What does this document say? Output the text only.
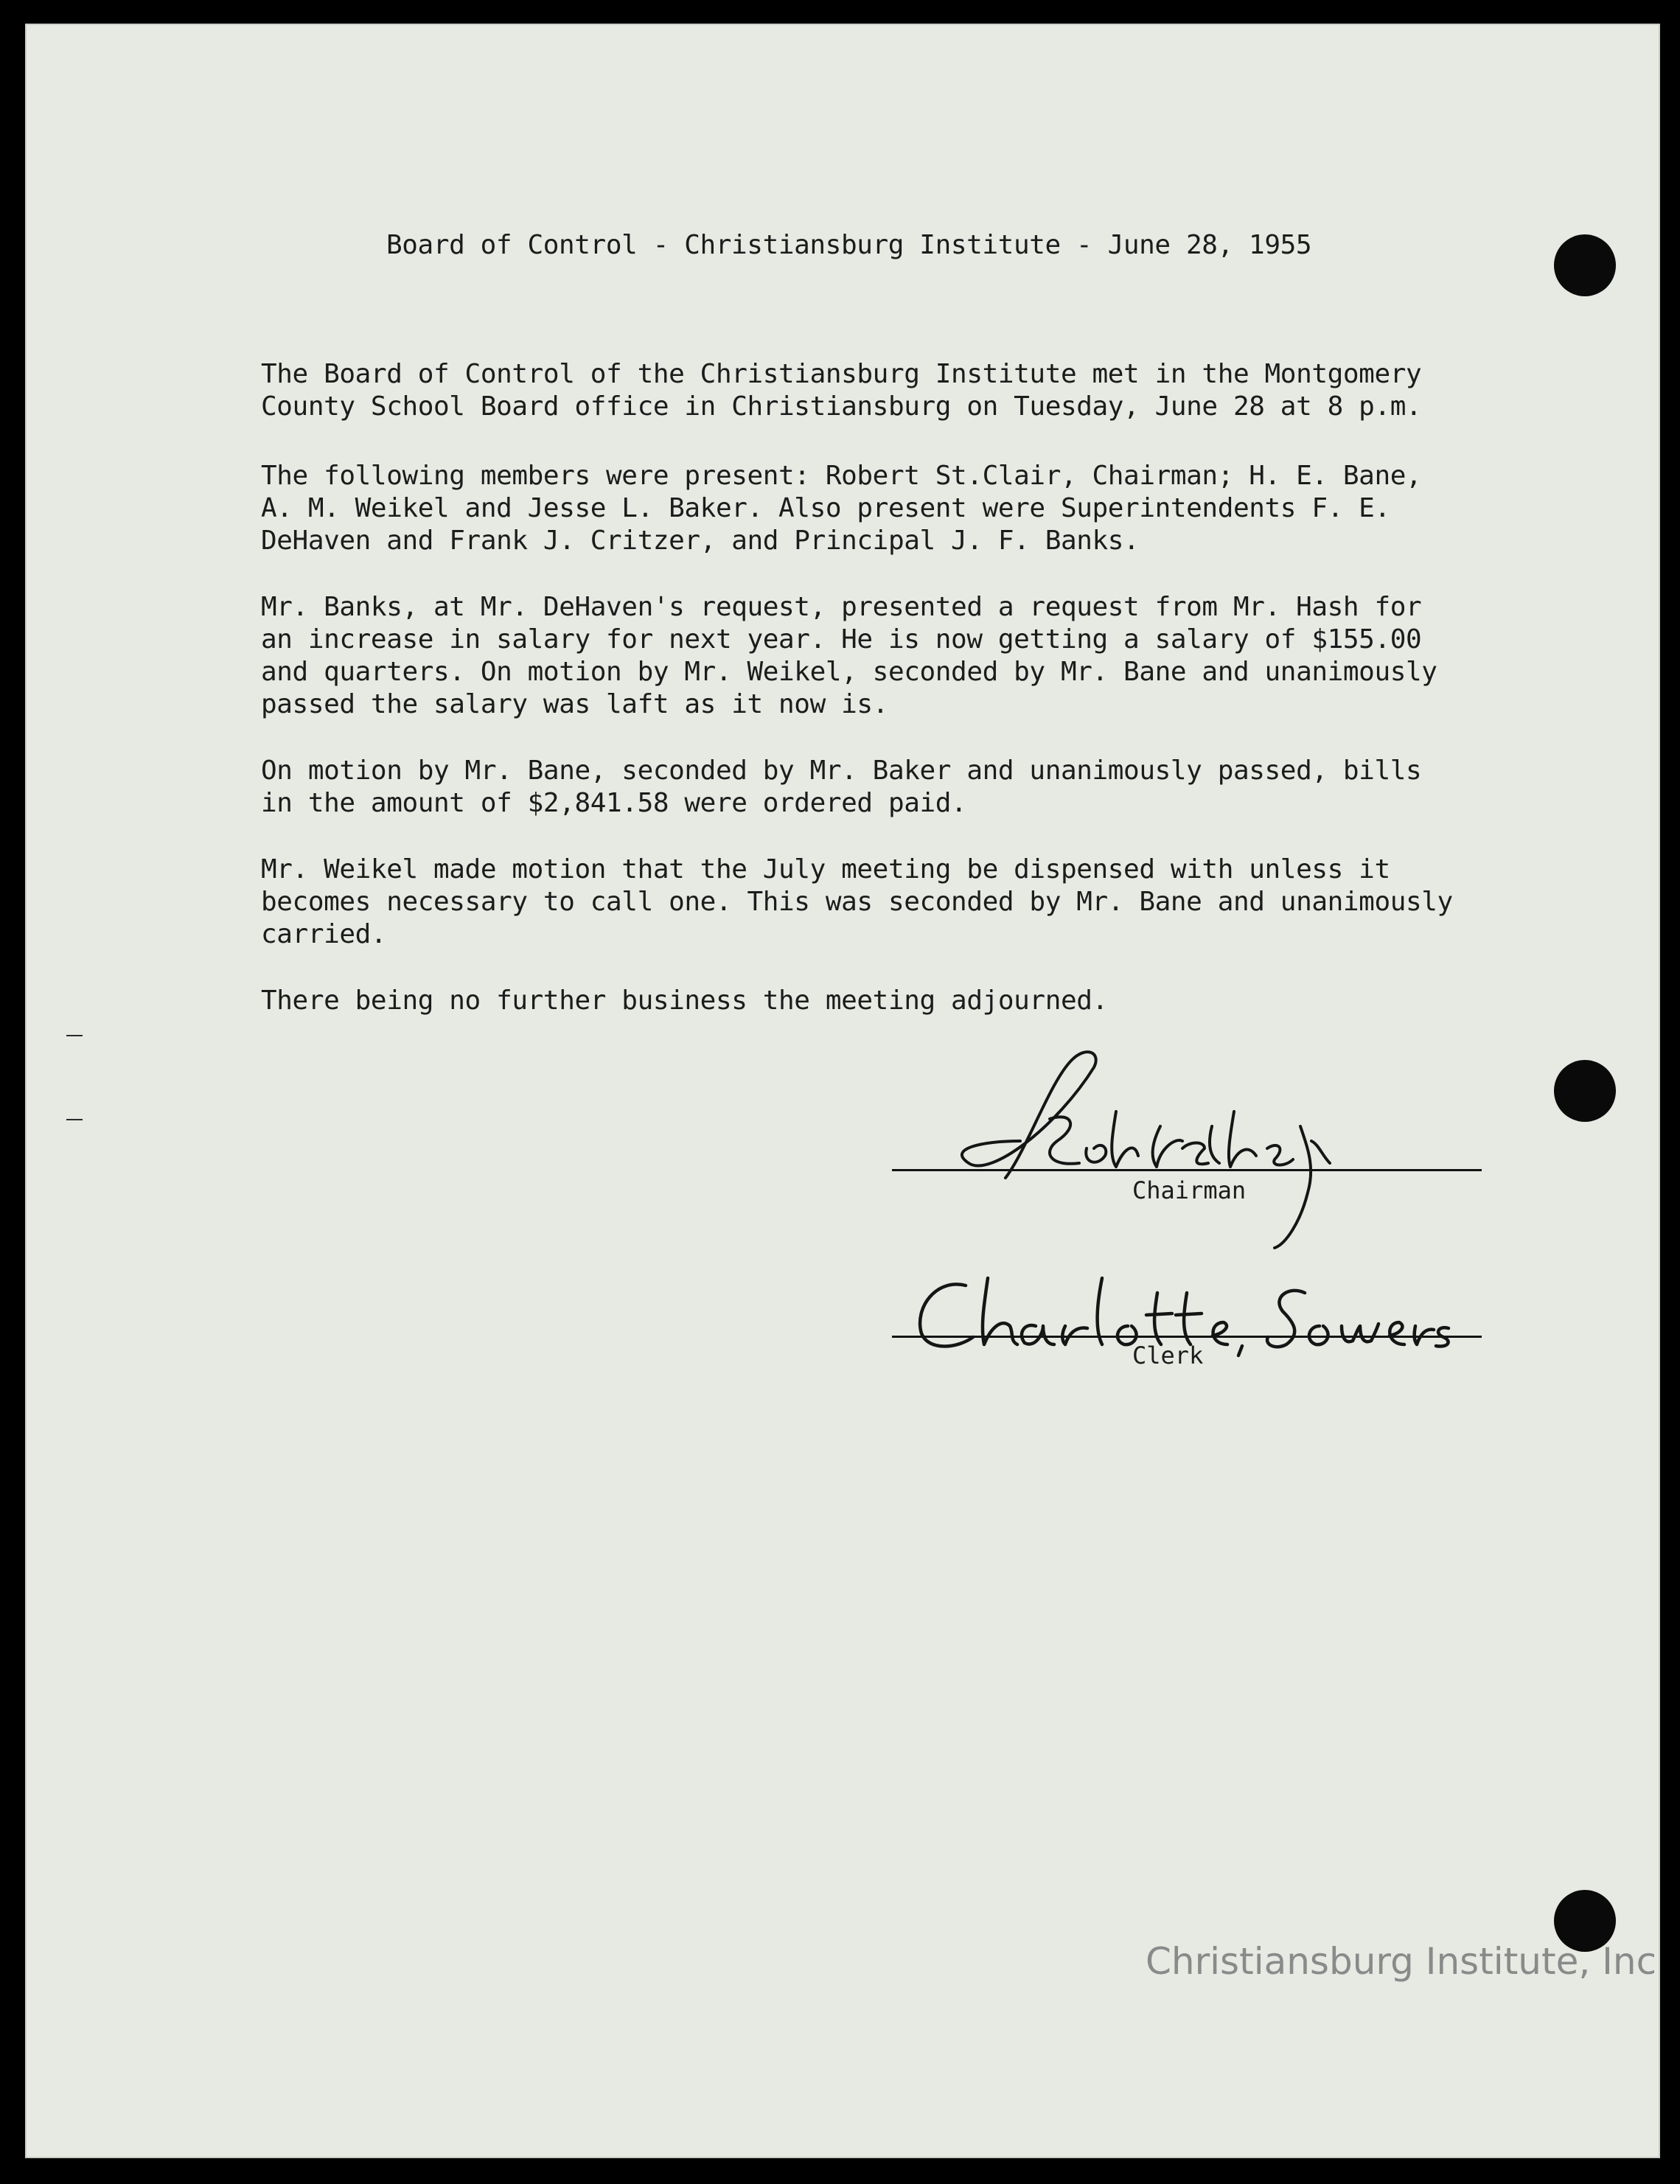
Board of Control - Christiansburg Institute - June 28, 1955
The Board of Control of the Christiansburg Institute met in the Montgomery
County School Board office in Christiansburg on Tuesday, June 28 at 8 p.m.
The following members were present: Robert St.Clair, Chairman; H. E. Bane,
A. M. Weikel and Jesse L. Baker. Also present were Superintendents F. E.
DeHaven and Frank J. Critzer, and Principal J. F. Banks.
Mr. Banks, at Mr. DeHaven's request, presented a request from Mr. Hash for
an increase in salary for next year. He is now getting a salary of $155.00
and quarters. On motion by Mr. Weikel, seconded by Mr. Bane and unanimously
passed the salary was laft as it now is.
On motion by Mr. Bane, seconded by Mr. Baker and unanimously passed, bills
in the amount of $2,841.58 were ordered paid.
Mr. Weikel made motion that the July meeting be dispensed with unless it
becomes necessary to call one. This was seconded by Mr. Bane and unanimously
carried.
There being no further business the meeting adjourned.
Chairman
Clerk
Christiansburg Institute, Inc
